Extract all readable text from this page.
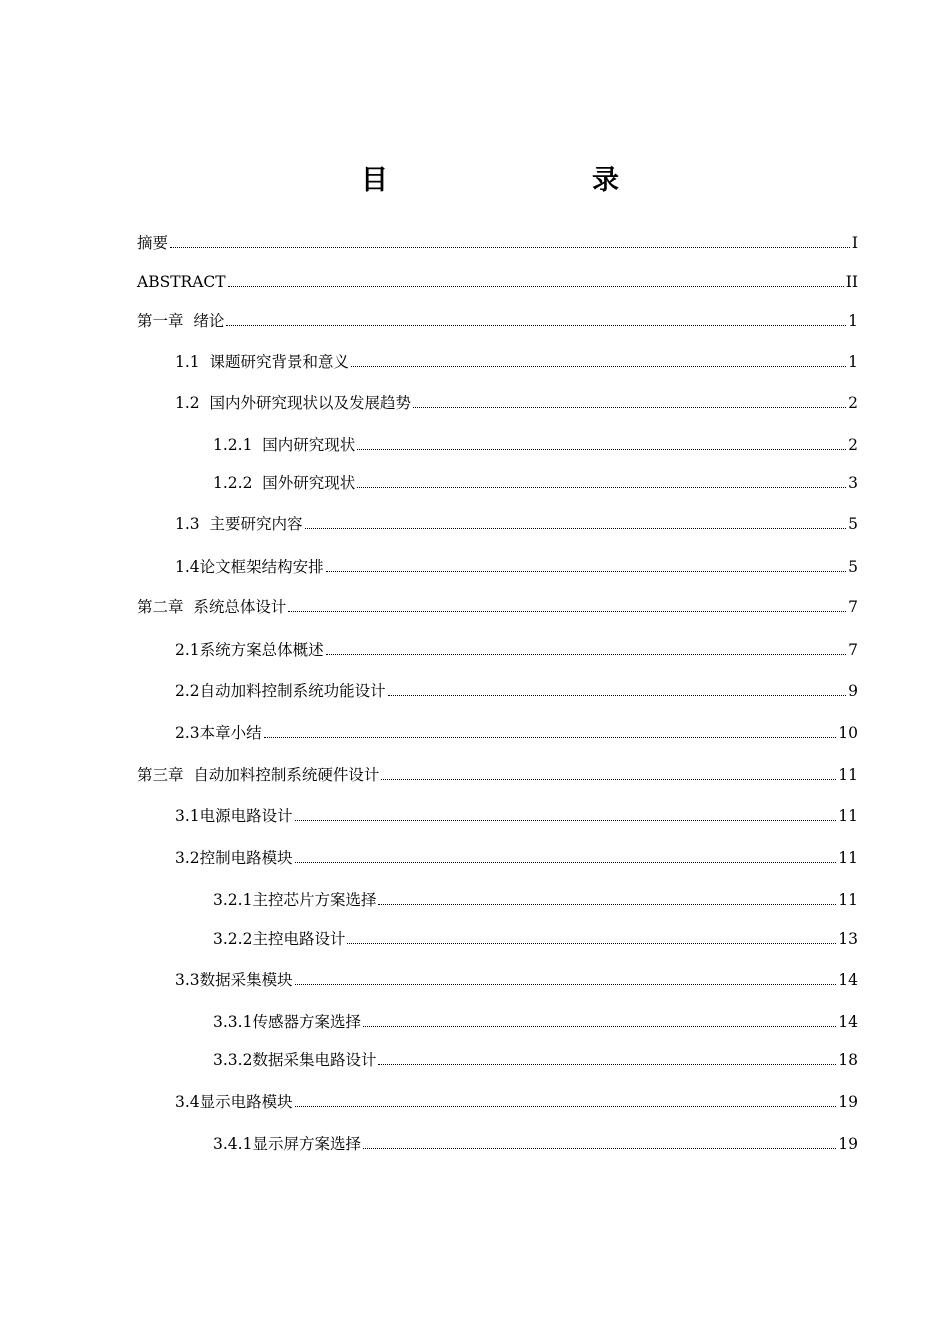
目　　录
摘要	I
ABSTRACT	II
第一章  绪论	1
1.1  课题研究背景和意义	1
1.2  国内外研究现状以及发展趋势	2
1.2.1  国内研究现状	2
1.2.2  国外研究现状	3
1.3  主要研究内容	5
1.4论文框架结构安排	5
第二章  系统总体设计	7
2.1系统方案总体概述	7
2.2自动加料控制系统功能设计	9
2.3本章小结	10
第三章  自动加料控制系统硬件设计	11
3.1电源电路设计	11
3.2控制电路模块	11
3.2.1主控芯片方案选择	11
3.2.2主控电路设计	13
3.3数据采集模块	14
3.3.1传感器方案选择	14
3.3.2数据采集电路设计	18
3.4显示电路模块	19
3.4.1显示屏方案选择	19
